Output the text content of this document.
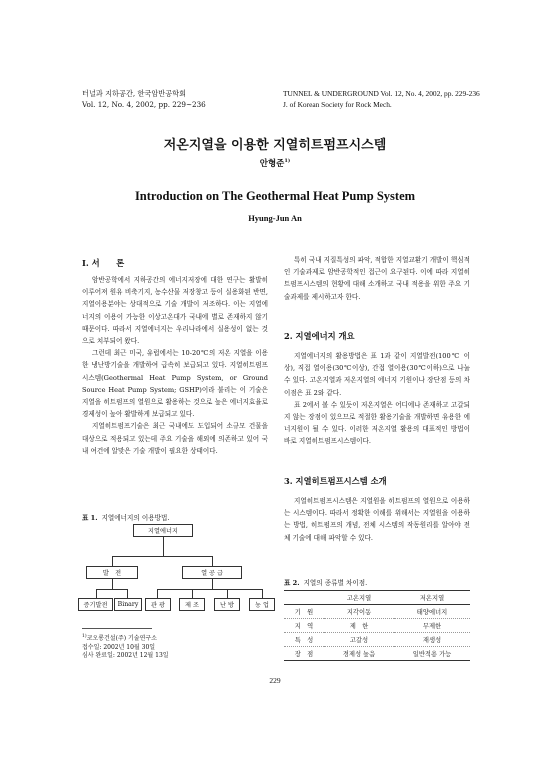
터널과 지하공간, 한국암반공학회
Vol. 12, No. 4, 2002, pp. 229~236
TUNNEL & UNDERGROUND Vol. 12, No. 4, 2002, pp. 229-236
J. of Korean Society for Rock Mech.
저온지열을 이용한 지열히트펌프시스템
안형준$^{1)}$
Introduction on The Geothermal Heat Pump System
Hyung-Jun An
I. 서　　론

암반공학에서 지하공간의 에너지저장에 대한 연구는 활발히 이루어져 원유 비축기지, 농수산물 저장창고 등이 실용화된 반면, 지열이용분야는 상대적으로 기술 개발이 저조하다. 이는 지열에너지의 이용이 가능한 이상고온대가 국내에 별로 존재하지 않기 때문이다. 따라서 지열에너지는 우리나라에서 실용성이 없는 것으로 치부되어 왔다.

그런데 최근 미국, 유럽에서는 10-20℃의 저온 지열을 이용한 냉난방기술을 개발하여 급속히 보급되고 있다. 지열히트펌프시스템(Geothermal Heat Pump System, or Ground Source Heat Pump System; GSHP)이라 불리는 이 기술은 지열을 히트펌프의 열원으로 활용하는 것으로 높은 에너지효율로 경제성이 높아 활발하게 보급되고 있다.

지열히트펌프기술은 최근 국내에도 도입되어 소규모 건물을 대상으로 적용되고 있는데 주요 기술을 해외에 의존하고 있어 국내 여건에 알맞은 기술 개발이 필요한 상태이다.

표 1. 지열에너지의 이용방법.
지열에너지
발　전	열 공 급
증기발전	Binary	관 광	제 조	난 방	농 업
$^{1)}$코오롱건설(주) 기술연구소
접수일: 2002년 10월 30일
심사 완료일: 2002년 12월 13일

특히 국내 지질특성의 파악, 적합한 지열교환기 개발이 핵심적인 기술과제로 암반공학적인 접근이 요구된다. 이에 따라 지열히트펌프시스템의 현황에 대해 소개하고 국내 적용을 위한 주요 기술과제를 제시하고자 한다.

2. 지열에너지 개요

지열에너지의 활용방법은 표 1과 같이 지열발전(100℃ 이상), 직접 열이용(30℃이상), 간접 열이용(30℃이하)으로 나눌 수 있다. 고온지열과 저온지열의 에너지 기원이나 장단점 등의 차이점은 표 2와 같다.

표 2에서 볼 수 있듯이 저온지열은 어디에나 존재하고 고갈되지 않는 장점이 있으므로 적절한 활용기술을 개발하면 유용한 에너지원이 될 수 있다. 이러한 저온지열 활용의 대표적인 방법이 바로 지열히트펌프시스템이다.

3. 지열히트펌프시스템 소개

지열히트펌프시스템은 지열원을 히트펌프의 열원으로 이용하는 시스템이다. 따라서 정확한 이해를 위해서는 지열원을 이용하는 방법, 히트펌프의 개념, 전체 시스템의 작동원리를 알아야 전체 기술에 대해 파악할 수 있다.

표 2. 지열의 종류별 차이점.
	고온지열	저온지열
기　원	지각이동	태양에너지
지　역	제　한	무제한
특　성	고갈성	재생성
장　점	경제성 높음	일반적용 가능
229
